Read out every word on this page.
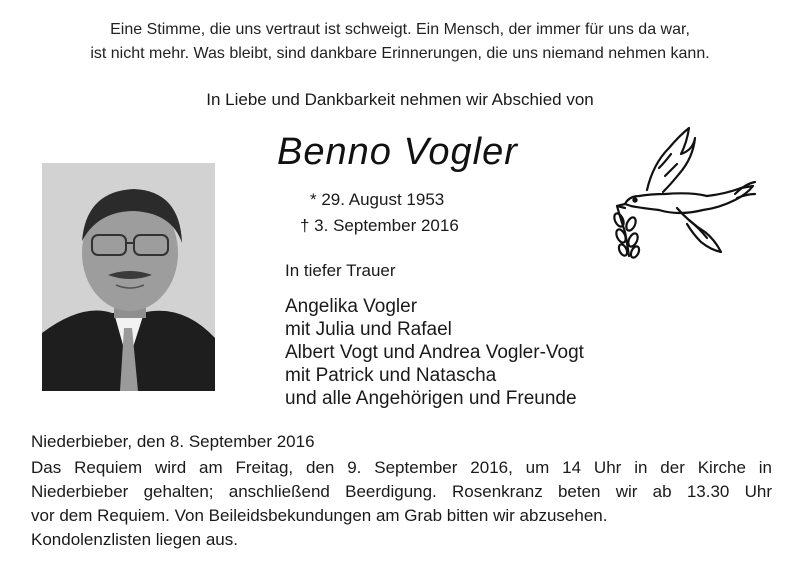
Eine Stimme, die uns vertraut ist schweigt. Ein Mensch, der immer für uns da war,
ist nicht mehr. Was bleibt, sind dankbare Erinnerungen, die uns niemand nehmen kann.
In Liebe und Dankbarkeit nehmen wir Abschied von
Benno Vogler
* 29. August 1953
† 3. September 2016
In tiefer Trauer
Angelika Vogler
mit Julia und Rafael
Albert Vogt und Andrea Vogler-Vogt
mit Patrick und Natascha
und alle Angehörigen und Freunde
Niederbieber, den 8. September 2016
Das Requiem wird am Freitag, den 9. September 2016, um 14 Uhr in der Kirche in
Niederbieber gehalten; anschließend Beerdigung. Rosenkranz beten wir ab 13.30 Uhr
vor dem Requiem. Von Beileidsbekundungen am Grab bitten wir abzusehen.
Kondolenzlisten liegen aus.
